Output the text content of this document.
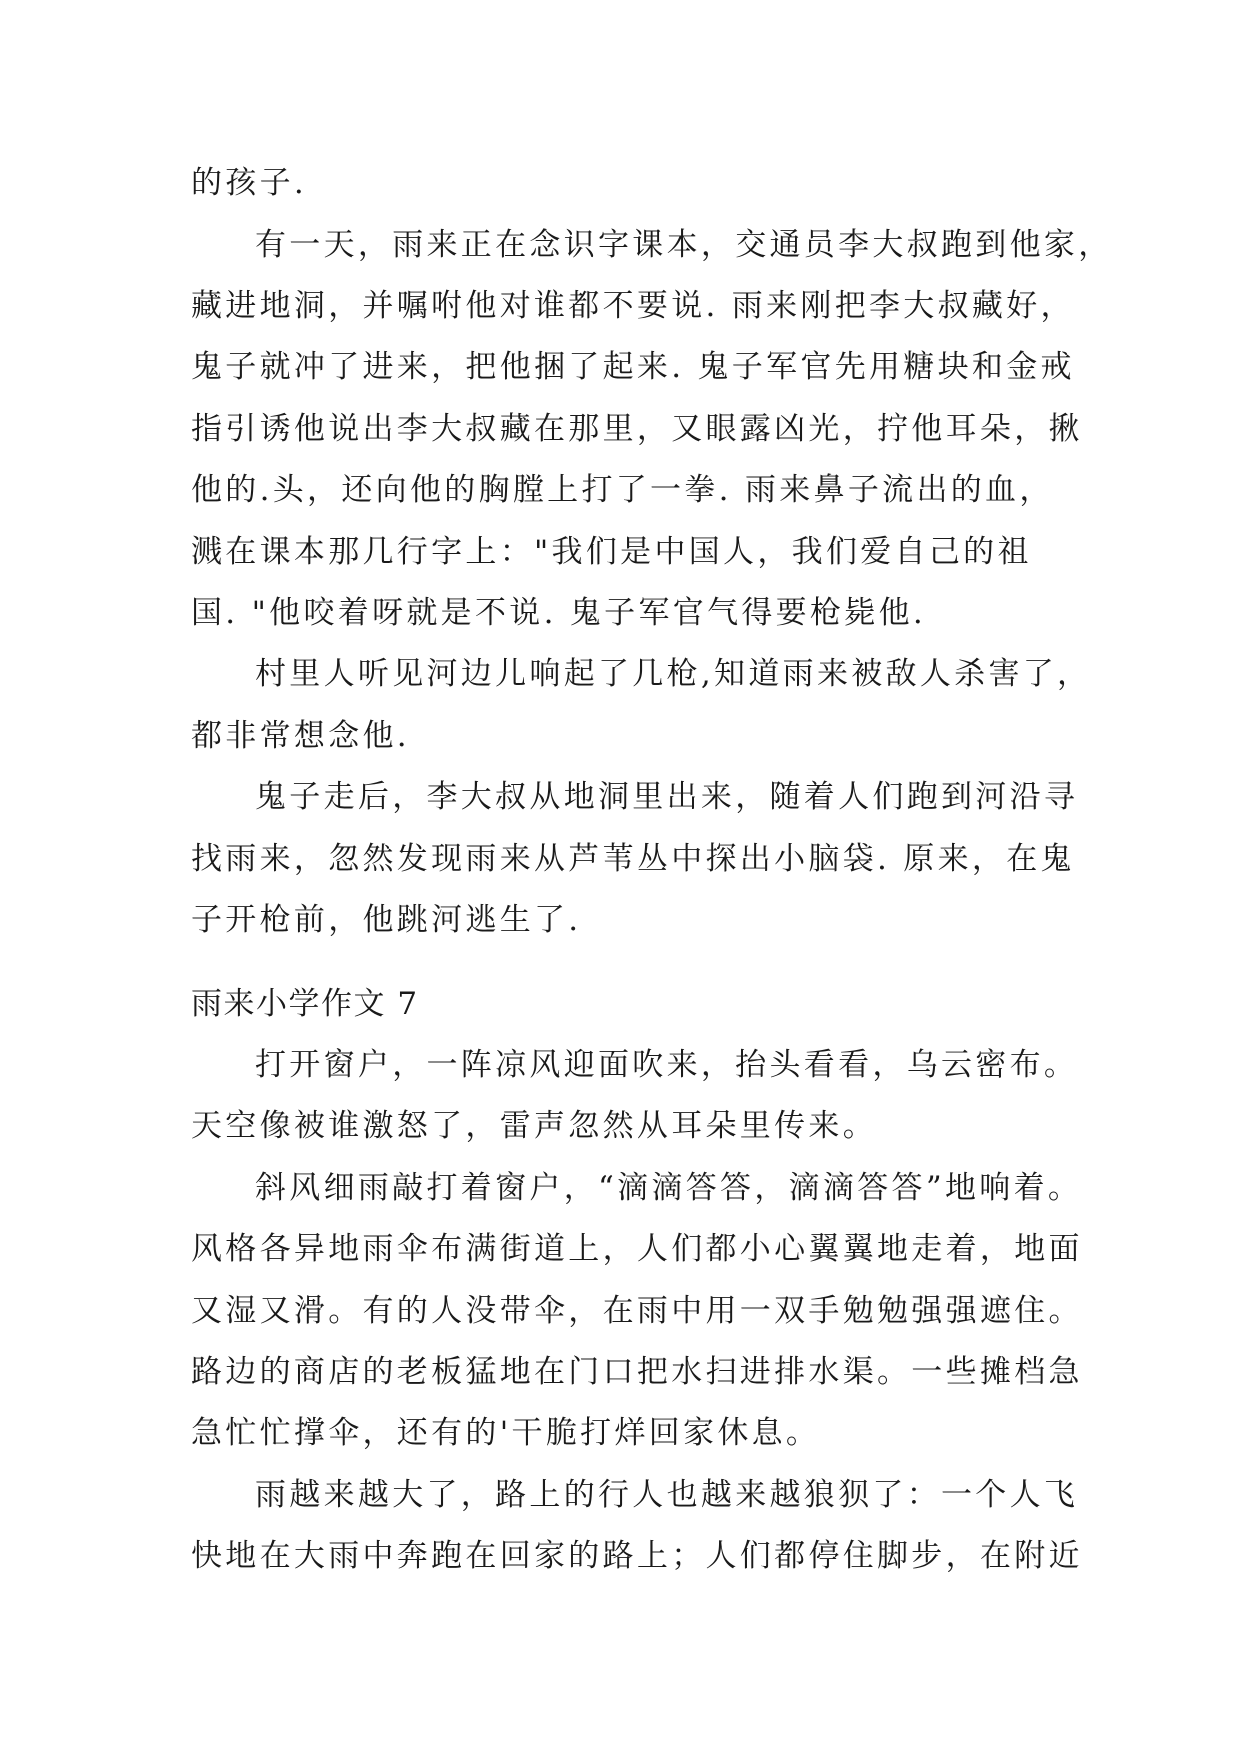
的孩子.
有一天，雨来正在念识字课本，交通员李大叔跑到他家，
藏进地洞，并嘱咐他对谁都不要说. 雨来刚把李大叔藏好，
鬼子就冲了进来，把他捆了起来. 鬼子军官先用糖块和金戒
指引诱他说出李大叔藏在那里，又眼露凶光，拧他耳朵，揪
他的.头，还向他的胸膛上打了一拳. 雨来鼻子流出的血，
溅在课本那几行字上："我们是中国人，我们爱自己的祖
国. "他咬着呀就是不说. 鬼子军官气得要枪毙他.
村里人听见河边儿响起了几枪,知道雨来被敌人杀害了，
都非常想念他.
鬼子走后，李大叔从地洞里出来，随着人们跑到河沿寻
找雨来，忽然发现雨来从芦苇丛中探出小脑袋. 原来，在鬼
子开枪前，他跳河逃生了.
雨来小学作文 7
打开窗户，一阵凉风迎面吹来，抬头看看，乌云密布。
天空像被谁激怒了，雷声忽然从耳朵里传来。
斜风细雨敲打着窗户，“滴滴答答，滴滴答答”地响着。
风格各异地雨伞布满街道上，人们都小心翼翼地走着，地面
又湿又滑。有的人没带伞，在雨中用一双手勉勉强强遮住。
路边的商店的老板猛地在门口把水扫进排水渠。一些摊档急
急忙忙撑伞，还有的'干脆打烊回家休息。
雨越来越大了，路上的行人也越来越狼狈了：一个人飞
快地在大雨中奔跑在回家的路上；人们都停住脚步，在附近
